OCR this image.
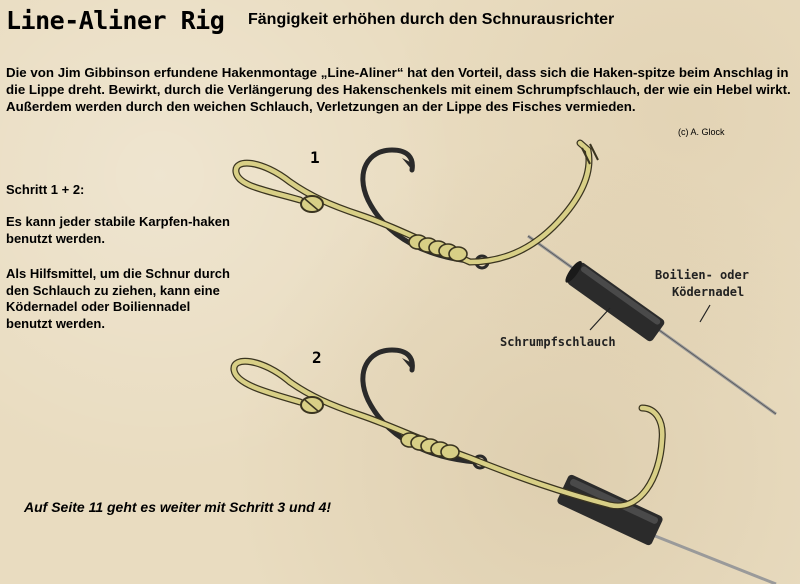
Line-Aliner Rig Fängigkeit erhöhen durch den Schnurausrichter
Die von Jim Gibbinson erfundene Hakenmontage „Line-Aliner“ hat den Vorteil, dass sich die Haken-spitze beim Anschlag in die Lippe dreht. Bewirkt, durch die Verlängerung des Hakenschenkels mit einem Schrumpfschlauch, der wie ein Hebel wirkt. Außerdem werden durch den weichen Schlauch, Verletzungen an der Lippe des Fisches vermieden.
(c) A. Glock
Schritt 1 + 2:
Es kann jeder stabile Karpfen-haken benutzt werden.
Als Hilfsmittel, um die Schnur durch den Schlauch zu ziehen, kann eine Ködernadel oder Boiliennadel benutzt werden.
1
2
Boilien- oder
Ködernadel
Schrumpfschlauch
Auf Seite 11 geht es weiter mit Schritt 3 und 4!
